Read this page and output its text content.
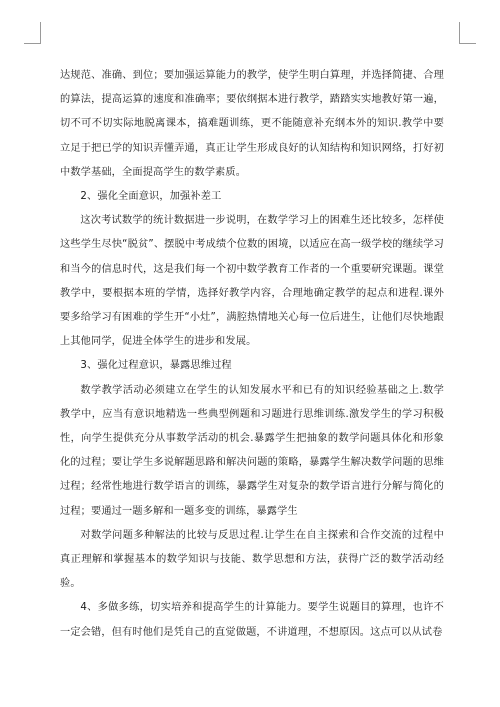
达规范、准确、到位；要加强运算能力的教学，使学生明白算理，并选择简捷、合理的算法，提高运算的速度和准确率；要依纲据本进行教学，踏踏实实地教好第一遍，切不可不切实际地脱离课本，搞难题训练，更不能随意补充纲本外的知识.教学中要立足于把已学的知识弄懂弄通，真正让学生形成良好的认知结构和知识网络，打好初中数学基础，全面提高学生的数学素质。

2、强化全面意识，加强补差工

这次考试数学的统计数据进一步说明，在数学学习上的困难生还比较多，怎样使这些学生尽快“脱贫”、摆脱中考成绩个位数的困境，以适应在高一级学校的继续学习和当今的信息时代，这是我们每一个初中数学教育工作者的一个重要研究课题。课堂教学中，要根据本班的学情，选择好教学内容，合理地确定教学的起点和进程.课外要多给学习有困难的学生开“小灶”，满腔热情地关心每一位后进生，让他们尽快地跟上其他同学，促进全体学生的进步和发展。

3、强化过程意识，暴露思维过程

数学教学活动必须建立在学生的认知发展水平和已有的知识经验基础之上.数学教学中，应当有意识地精选一些典型例题和习题进行思维训练.激发学生的学习积极性，向学生提供充分从事数学活动的机会.暴露学生把抽象的数学问题具体化和形象化的过程；要让学生多说解题思路和解决问题的策略，暴露学生解决数学问题的思维过程；经常性地进行数学语言的训练，暴露学生对复杂的数学语言进行分解与简化的过程；要通过一题多解和一题多变的训练，暴露学生

对数学问题多种解法的比较与反思过程.让学生在自主探索和合作交流的过程中真正理解和掌握基本的数学知识与技能、数学思想和方法，获得广泛的数学活动经验。

4、多做多练，切实培养和提高学生的计算能力。要学生说题目的算理，也许不一定会错，但有时他们是凭自己的直觉做题，不讲道理，不想原因。这点可以从试卷
